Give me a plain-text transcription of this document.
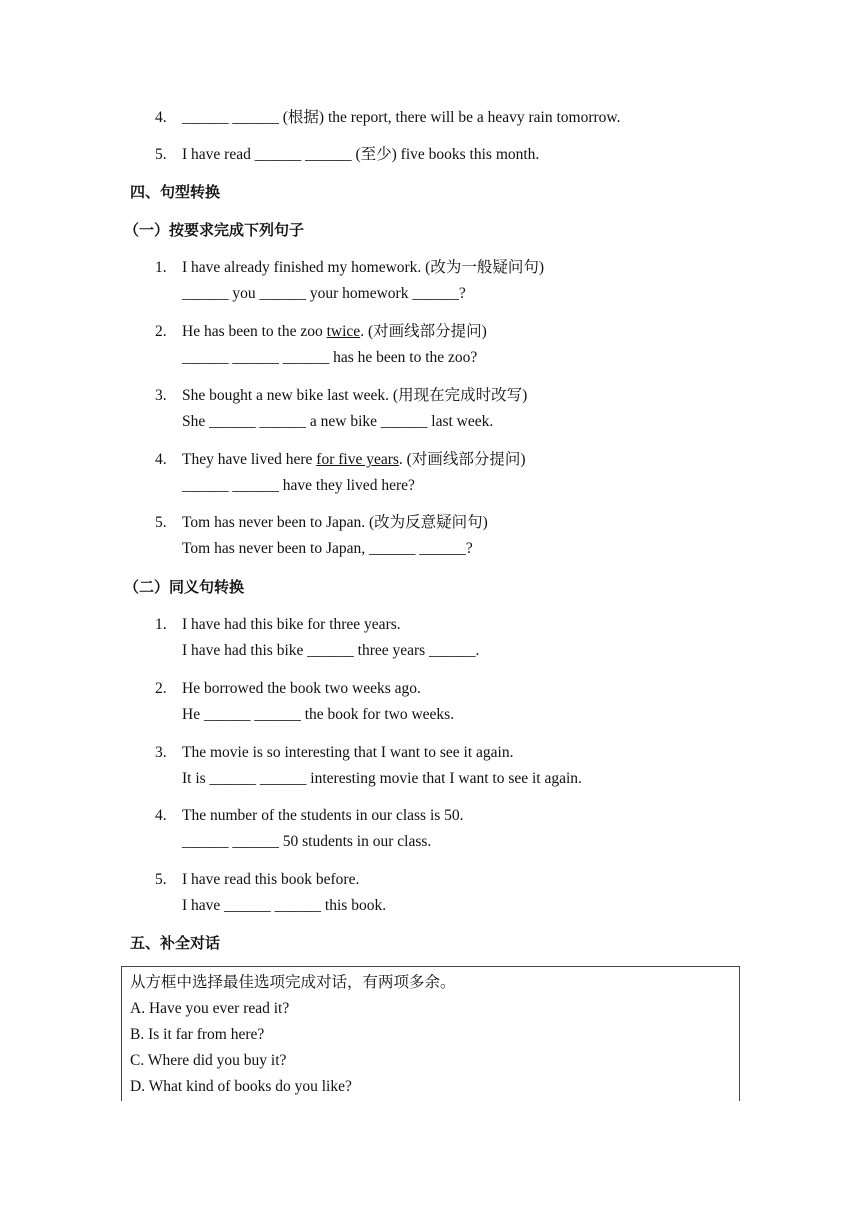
4. ______ ______ (根据) the report, there will be a heavy rain tomorrow.
5. I have read ______ ______ (至少) five books this month.
四、句型转换
（一）按要求完成下列句子
1. I have already finished my homework. (改为一般疑问句)
______ you ______ your homework ______?
2. He has been to the zoo twice. (对画线部分提问)
______ ______ ______ has he been to the zoo?
3. She bought a new bike last week. (用现在完成时改写)
She ______ ______ a new bike ______ last week.
4. They have lived here for five years. (对画线部分提问)
______ ______ have they lived here?
5. Tom has never been to Japan. (改为反意疑问句)
Tom has never been to Japan, ______ ______?
（二）同义句转换
1. I have had this bike for three years.
I have had this bike ______ three years ______.
2. He borrowed the book two weeks ago.
He ______ ______ the book for two weeks.
3. The movie is so interesting that I want to see it again.
It is ______ ______ interesting movie that I want to see it again.
4. The number of the students in our class is 50.
______ ______ 50 students in our class.
5. I have read this book before.
I have ______ ______ this book.
五、补全对话
从方框中选择最佳选项完成对话，有两项多余。
A. Have you ever read it?
B. Is it far from here?
C. Where did you buy it?
D. What kind of books do you like?
